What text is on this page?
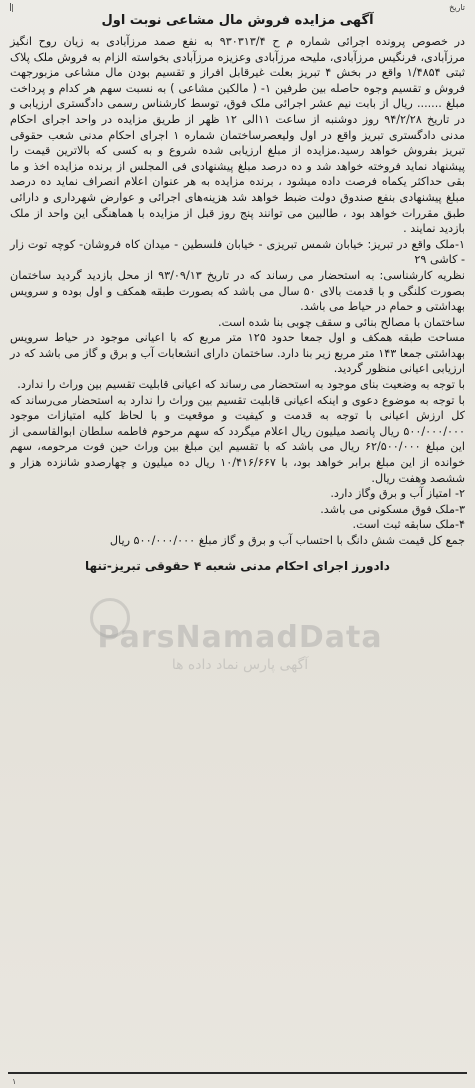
|	تاریخ
آگهی مزایده فروش مال مشاعی نوبت اول

در خصوص پرونده اجرائی شماره م ح ۹۳۰۳۱۳/۴ به نفع صمد مرزآبادی به زیان روح انگیز مرزآبادی، فرنگیس مرزآبادی، ملیحه مرزآبادی وعزیزه مرزآبادی بخواسته الزام به فروش ملک پلاک ثبتی ۱/۴۸۵۴ واقع در بخش ۴ تبریز بعلت غیرقابل افراز و تقسیم بودن مال مشاعی مزبورجهت فروش و تقسیم وجوه حاصله بین طرفین ۱- ( مالکین مشاعی ) به نسبت سهم هر کدام و پرداخت مبلغ ....... ریال از بابت نیم عشر اجرائی ملک فوق، توسط کارشناس رسمی دادگستری ارزیابی و در تاریخ ۹۴/۲/۲۸ روز دوشنبه از ساعت ۱۱الی ۱۲ ظهر از طریق مزایده در واحد اجرای احکام مدنی دادگستری تبریز واقع در اول ولیعصرساختمان شماره ۱ اجرای احکام مدنی شعب حقوقی تبریز بفروش خواهد رسید.مزایده از مبلغ ارزیابی شده شروع و به کسی که بالاترین قیمت را پیشنهاد نماید فروخته خواهد شد و ده درصد مبلغ پیشنهادی فی المجلس از برنده مزایده اخذ و ما بقی حداکثر یکماه فرصت داده میشود ، برنده مزایده به هر عنوان اعلام انصراف نماید ده درصد مبلغ پیشنهادی بنفع صندوق دولت ضبط خواهد شد هزینه‌های اجرائی و عوارض شهرداری و دارائی طبق مقررات خواهد بود ، طالبین می توانند پنج روز قبل از مزایده با هماهنگی این واحد از ملک بازدید نمایند .

۱-ملک واقع در تبریز: خیابان شمس تبریزی - خیابان فلسطین - میدان کاه فروشان- کوچه توت زار - کاشی ۲۹

نظریه کارشناسی: به استحضار می رساند که در تاریخ ۹۳/۰۹/۱۳ از محل بازدید گردید ساختمان بصورت کلنگی و با قدمت بالای ۵۰ سال می باشد که بصورت طبقه همکف و اول بوده و سرویس بهداشتی و حمام در حیاط می باشد.

ساختمان با مصالح بنائی و سقف چوبی بنا شده است.

مساحت طبقه همکف و اول جمعا حدود ۱۲۵ متر مربع که با اعیانی موجود در حیاط سرویس بهداشتی جمعا ۱۴۳ متر مربع زیر بنا دارد. ساختمان دارای انشعابات آب و برق و گاز می باشد که در ارزیابی اعیانی منظور گردید.

با توجه به وضعیت بنای موجود به استحضار می رساند که اعیانی قابلیت تقسیم بین وراث را ندارد.

با توجه به موضوع دعوی و اینکه اعیانی قابلیت تقسیم بین وراث را ندارد به استحضار می‌رساند که کل ارزش اعیانی با توجه به قدمت و کیفیت و موقعیت و با لحاظ کلیه امتیازات موجود ۵۰۰/۰۰۰/۰۰۰ ریال پانصد میلیون ریال اعلام میگردد که سهم مرحوم فاطمه سلطان ابوالقاسمی از این مبلغ ۶۲/۵۰۰/۰۰۰ ریال می باشد که با تقسیم این مبلغ بین وراث حین فوت مرحومه، سهم خوانده از این مبلغ برابر خواهد بود، با ۱۰/۴۱۶/۶۶۷ ریال ده میلیون و چهارصدو شانزده هزار و ششصد وهفت ریال.

۲- امتیاز آب و برق وگاز دارد.

۳-ملک فوق مسکونی می باشد.

۴-ملک سابقه ثبت است.

جمع کل قیمت شش دانگ با احتساب آب و برق و گاز مبلغ ۵۰۰/۰۰۰/۰۰۰ ریال

دادورز اجرای احکام مدنی شعبه ۴ حقوقی تبریز-تنها
ParsNamadData
آگهی پارس نماد داده ها
۱
